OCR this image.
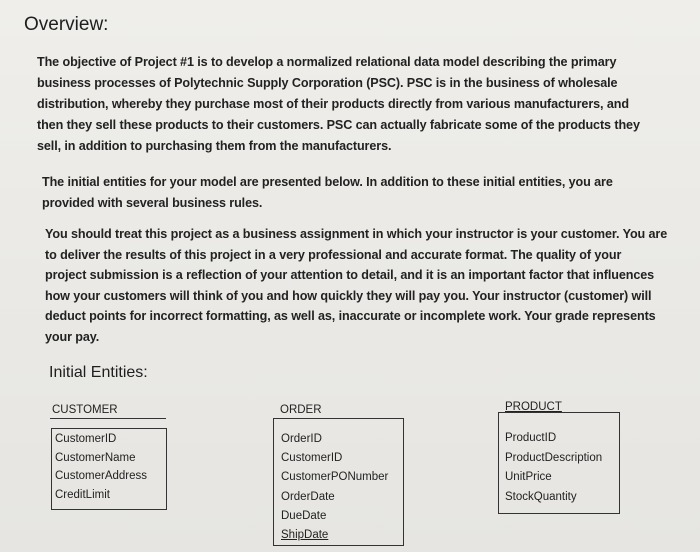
Overview:

The objective of Project #1 is to develop a normalized relational data model describing the primary
business processes of Polytechnic Supply Corporation (PSC). PSC is in the business of wholesale
distribution, whereby they purchase most of their products directly from various manufacturers, and
then they sell these products to their customers. PSC can actually fabricate some of the products they
sell, in addition to purchasing them from the manufacturers.

The initial entities for your model are presented below. In addition to these initial entities, you are
provided with several business rules.

You should treat this project as a business assignment in which your instructor is your customer. You are
to deliver the results of this project in a very professional and accurate format. The quality of your
project submission is a reflection of your attention to detail, and it is an important factor that influences
how your customers will think of you and how quickly they will pay you. Your instructor (customer) will
deduct points for incorrect formatting, as well as, inaccurate or incomplete work. Your grade represents
your pay.

Initial Entities:
CUSTOMER
CustomerID
CustomerName
CustomerAddress
CreditLimit
ORDER
OrderID
CustomerID
CustomerPONumber
OrderDate
DueDate
ShipDate
PRODUCT
ProductID
ProductDescription
UnitPrice
StockQuantity
